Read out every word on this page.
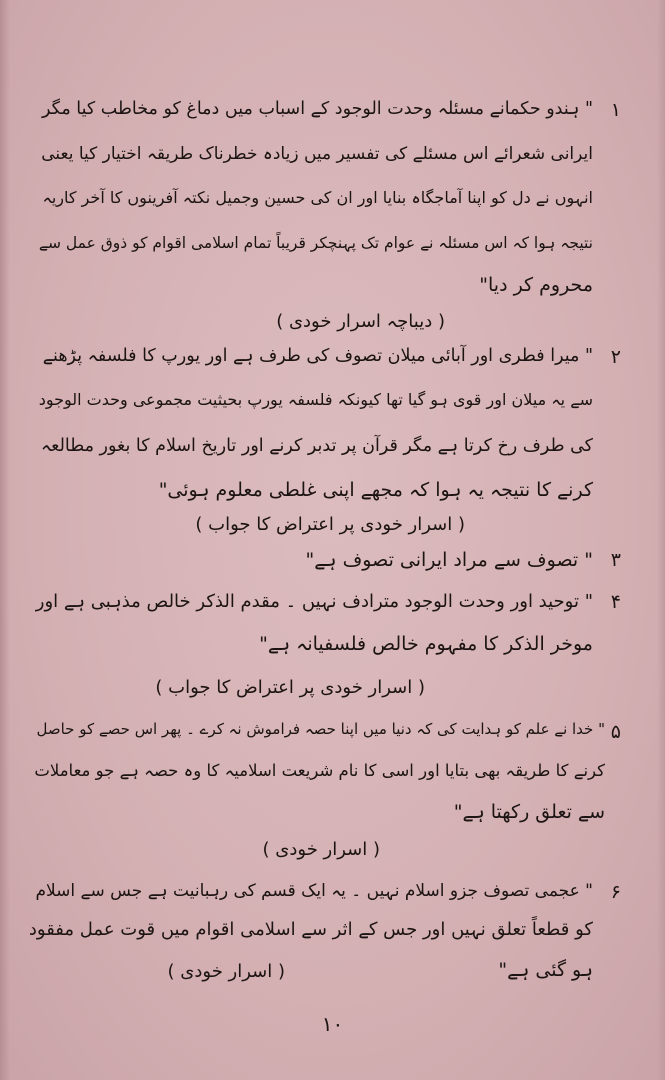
۱
" ہندو حکمانے مسئلہ وحدت الوجود کے اسباب میں دماغ کو مخاطب کیا مگر
ایرانی شعرائے اس مسئلے کی تفسیر میں زیادہ خطرناک طریقہ اختیار کیا یعنی
انہوں نے دل کو اپنا آماجگاہ بنایا اور ان کی حسین وجمیل نکتہ آفرینوں کا آخر کاریہ
نتیجہ ہوا کہ اس مسئلہ نے عوام تک پہنچکر قریباً تمام اسلامی اقوام کو ذوق عمل سے
محروم کر دیا"
( دیباچہ اسرار خودی )
۲
" میرا فطری اور آبائی میلان تصوف کی طرف ہے اور یورپ کا فلسفہ پڑھنے
سے یہ میلان اور قوی ہو گیا تھا کیونکہ فلسفہ یورپ بحیثیت مجموعی وحدت الوجود
کی طرف رخ کرتا ہے مگر قرآن پر تدبر کرنے اور تاریخ اسلام کا بغور مطالعہ
کرنے کا نتیجہ یہ ہوا کہ مجھے اپنی غلطی معلوم ہوئی"
( اسرار خودی پر اعتراض کا جواب )
۳
" تصوف سے مراد ایرانی تصوف ہے"
۴
" توحید اور وحدت الوجود مترادف نہیں ۔ مقدم الذکر خالص مذہبی ہے اور
موخر الذکر کا مفہوم خالص فلسفیانہ ہے"
( اسرار خودی پر اعتراض کا جواب )
۵
" خدا نے علم کو ہدایت کی کہ دنیا میں اپنا حصہ فراموش نہ کرے ۔ پھر اس حصے کو حاصل
کرنے کا طریقہ بھی بتایا اور اسی کا نام شریعت اسلامیہ کا وہ حصہ ہے جو معاملات
سے تعلق رکھتا ہے"
( اسرار خودی )
۶
" عجمی تصوف جزو اسلام نہیں ۔ یہ ایک قسم کی رہبانیت ہے جس سے اسلام
کو قطعاً تعلق نہیں اور جس کے اثر سے اسلامی اقوام میں قوت عمل مفقود
ہو گئی ہے"
( اسرار خودی )
۱۰
